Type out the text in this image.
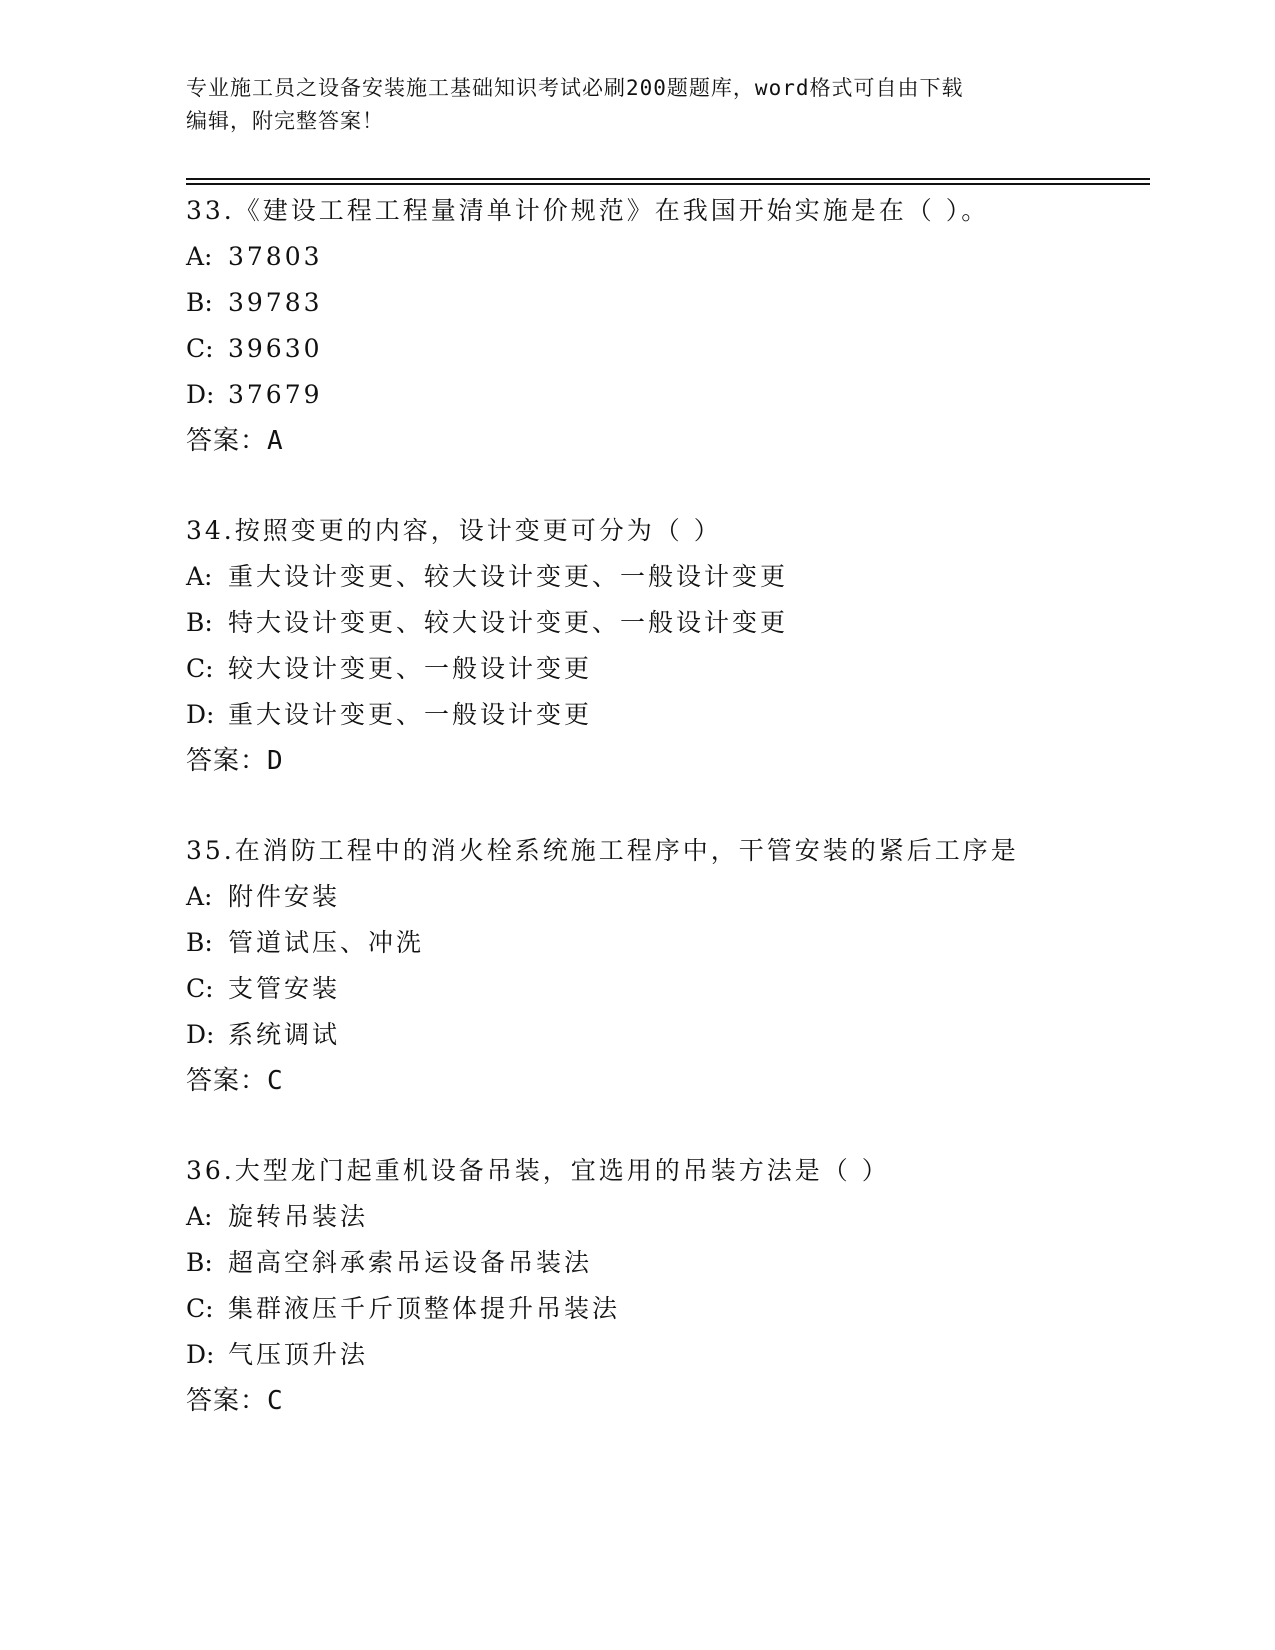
专业施工员之设备安装施工基础知识考试必刷200题题库，word格式可自由下载
编辑，附完整答案！
33.《建设工程工程量清单计价规范》在我国开始实施是在（ ）。
A: 37803
B: 39783
C: 39630
D: 37679
答案：A
34.按照变更的内容，设计变更可分为（ ）
A: 重大设计变更、较大设计变更、一般设计变更
B: 特大设计变更、较大设计变更、一般设计变更
C: 较大设计变更、一般设计变更
D: 重大设计变更、一般设计变更
答案：D
35.在消防工程中的消火栓系统施工程序中，干管安装的紧后工序是
A: 附件安装
B: 管道试压、冲洗
C: 支管安装
D: 系统调试
答案：C
36.大型龙门起重机设备吊装，宜选用的吊装方法是（ ）
A: 旋转吊装法
B: 超高空斜承索吊运设备吊装法
C: 集群液压千斤顶整体提升吊装法
D: 气压顶升法
答案：C
